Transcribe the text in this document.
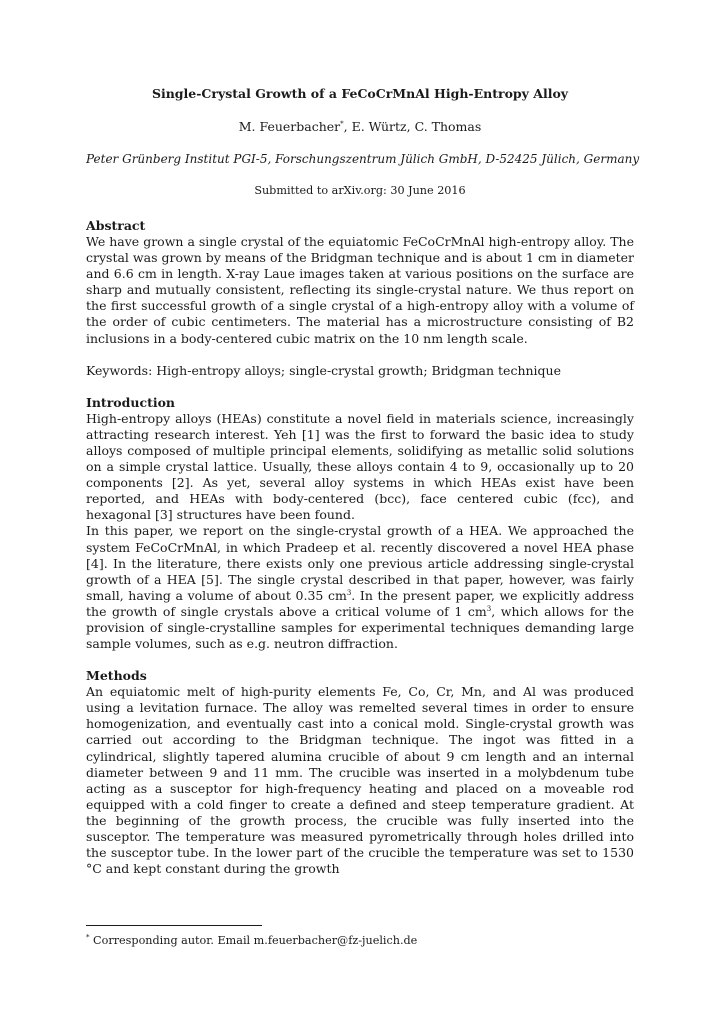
Single-Crystal Growth of a FeCoCrMnAl High-Entropy Alloy
M. Feuerbacher*, E. Würtz, C. Thomas
Peter Grünberg Institut PGI-5, Forschungszentrum Jülich GmbH, D-52425 Jülich, Germany
Submitted to arXiv.org: 30 June 2016
Abstract

We have grown a single crystal of the equiatomic FeCoCrMnAl high-entropy alloy. The crystal was grown by means of the Bridgman technique and is about 1 cm in diameter and 6.6 cm in length. X-ray Laue images taken at various positions on the surface are sharp and mutually consistent, reflecting its single-crystal nature. We thus report on the first successful growth of a single crystal of a high-entropy alloy with a volume of the order of cubic centimeters. The material has a microstructure consisting of B2 inclusions in a body-centered cubic matrix on the 10 nm length scale.

Keywords: High-entropy alloys; single-crystal growth; Bridgman technique

Introduction

High-entropy alloys (HEAs) constitute a novel field in materials science, increasingly attracting research interest. Yeh [1] was the first to forward the basic idea to study alloys composed of multiple principal elements, solidifying as metallic solid solutions on a simple crystal lattice. Usually, these alloys contain 4 to 9, occasionally up to 20 components [2]. As yet, several alloy systems in which HEAs exist have been reported, and HEAs with body-centered (bcc), face centered cubic (fcc), and hexagonal [3] structures have been found.

In this paper, we report on the single-crystal growth of a HEA. We approached the system FeCoCrMnAl, in which Pradeep et al. recently discovered a novel HEA phase [4]. In the literature, there exists only one previous article addressing single-crystal growth of a HEA [5]. The single crystal described in that paper, however, was fairly small, having a volume of about 0.35 $cm^3$. In the present paper, we explicitly address the growth of single crystals above a critical volume of 1 $cm^3$, which allows for the provision of single-crystalline samples for experimental techniques demanding large sample volumes, such as e.g. neutron diffraction.

Methods

An equiatomic melt of high-purity elements Fe, Co, Cr, Mn, and Al was produced using a levitation furnace. The alloy was remelted several times in order to ensure homogenization, and eventually cast into a conical mold. Single-crystal growth was carried out according to the Bridgman technique. The ingot was fitted in a cylindrical, slightly tapered alumina crucible of about 9 cm length and an internal diameter between 9 and 11 mm. The crucible was inserted in a molybdenum tube acting as a susceptor for high-frequency heating and placed on a moveable rod equipped with a cold finger to create a defined and steep temperature gradient. At the beginning of the growth process, the crucible was fully inserted into the susceptor. The temperature was measured pyrometrically through holes drilled into the susceptor tube. In the lower part of the crucible the temperature was set to 1530 °C and kept constant during the growth

* Corresponding autor. Email m.feuerbacher@fz-juelich.de
